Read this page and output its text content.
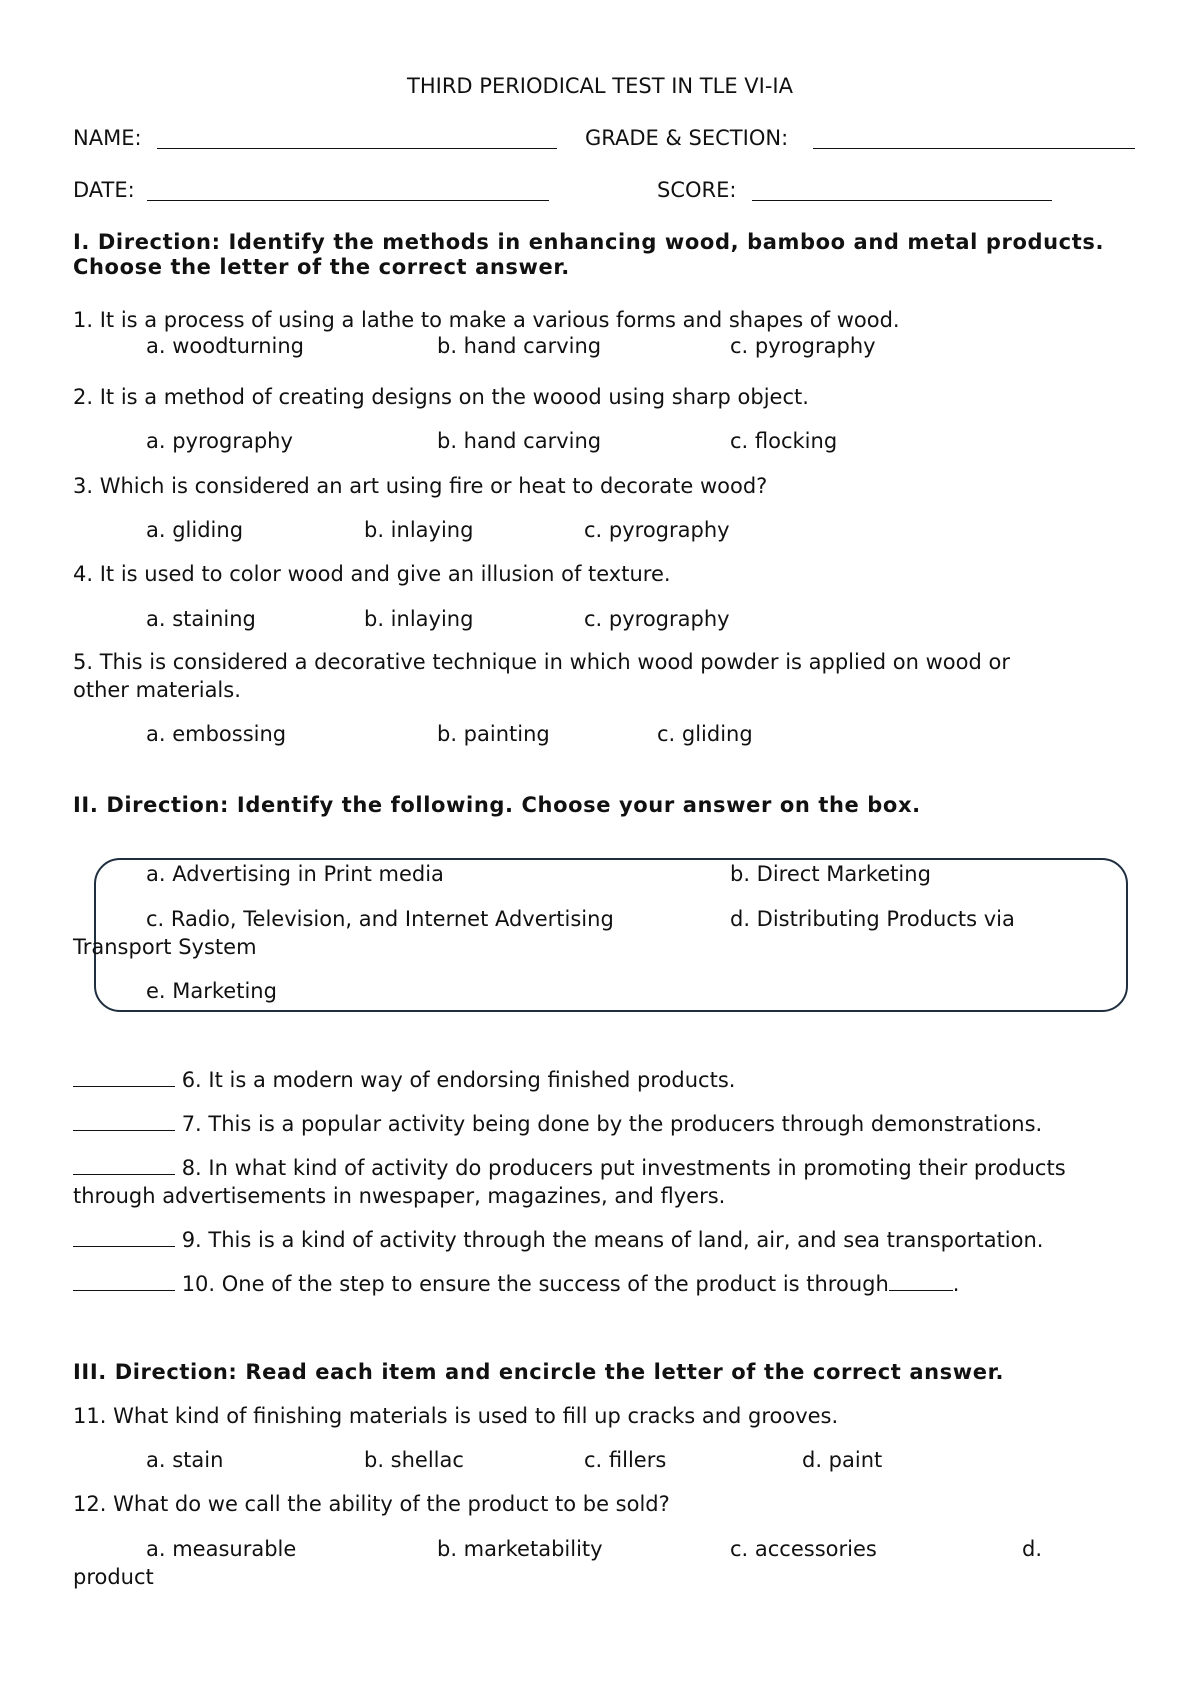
THIRD PERIODICAL TEST IN TLE VI-IA
NAME:	GRADE & SECTION:
DATE:	SCORE:
I. Direction: Identify the methods in enhancing wood, bamboo and metal products.
Choose the letter of the correct answer.
1. It is a process of using a lathe to make a various forms and shapes of wood.
a. woodturning	b. hand carving	c. pyrography
2. It is a method of creating designs on the woood using sharp object.
a. pyrography	b. hand carving	c. flocking
3. Which is considered an art using fire or heat to decorate wood?
a. gliding	b. inlaying	c. pyrography
4. It is used to color wood and give an illusion of texture.
a. staining	b. inlaying	c. pyrography
5. This is considered a decorative technique in which wood powder is applied on wood or
other materials.
a. embossing	b. painting	c. gliding
II. Direction: Identify the following. Choose your answer on the box.
a. Advertising in Print media	b. Direct Marketing
c. Radio, Television, and Internet Advertising	d. Distributing Products via
Transport System
e. Marketing
6. It is a modern way of endorsing finished products.
7. This is a popular activity being done by the producers through demonstrations.
8. In what kind of activity do producers put investments in promoting their products
through advertisements in nwespaper, magazines, and flyers.
9. This is a kind of activity through the means of land, air, and sea transportation.
10. One of the step to ensure the success of the product is through	.
III. Direction: Read each item and encircle the letter of the correct answer.
11. What kind of finishing materials is used to fill up cracks and grooves.
a. stain	b. shellac	c. fillers	d. paint
12. What do we call the ability of the product to be sold?
a. measurable	b. marketability	c. accessories	d.
product
